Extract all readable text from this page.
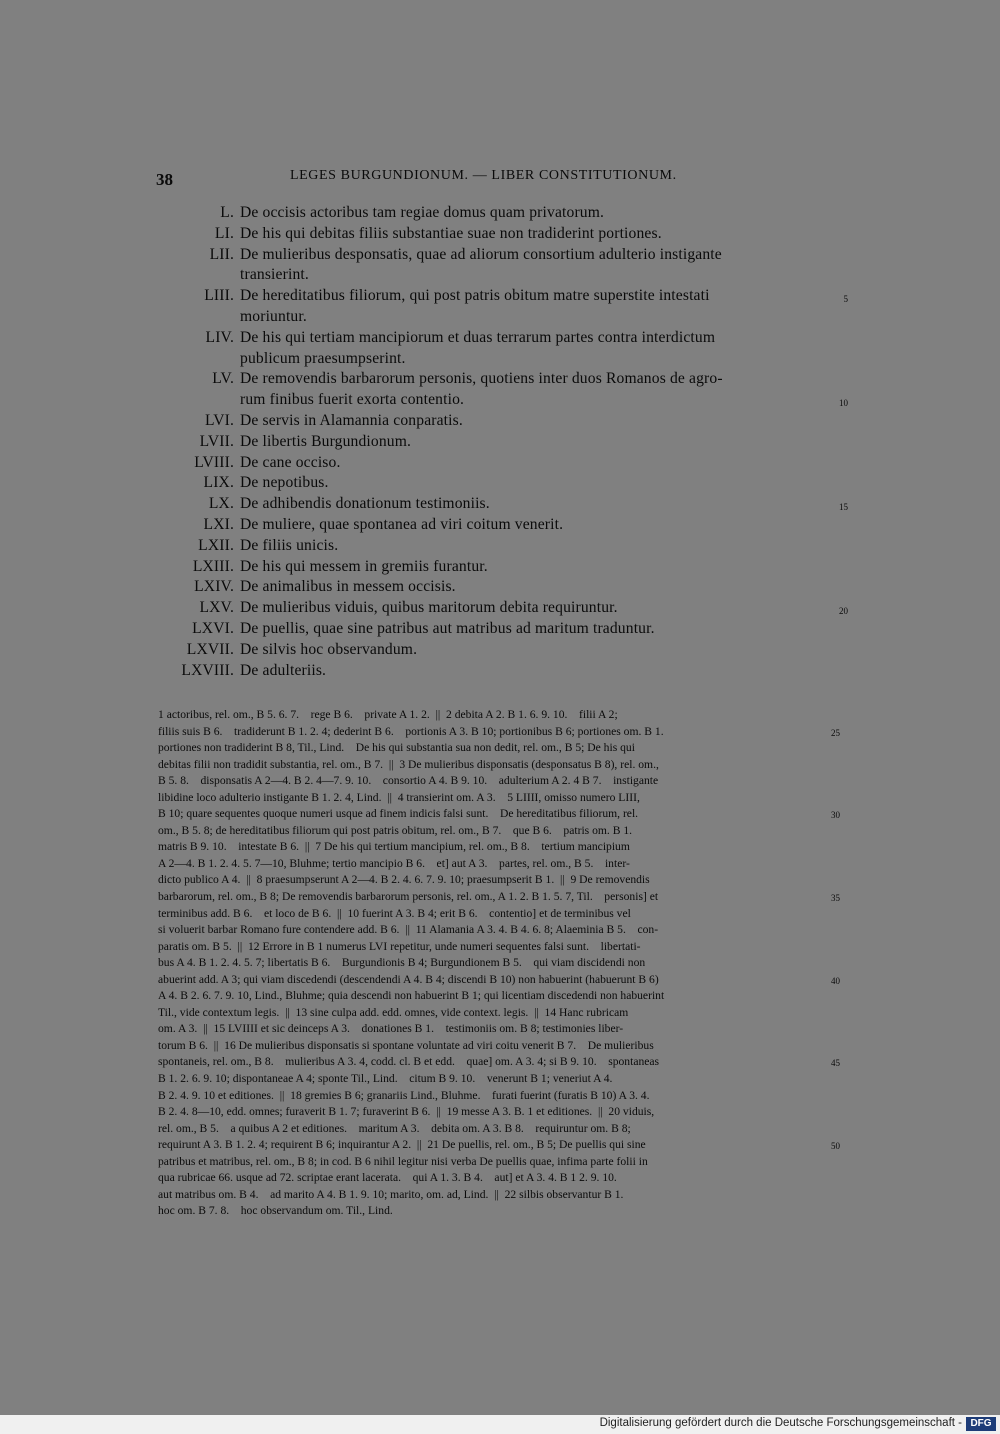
38	LEGES BURGUNDIONUM. — LIBER CONSTITUTIONUM.
L. De occisis actoribus tam regiae domus quam privatorum.
LI. De his qui debitas filiis substantiae suae non tradiderint portiones.
LII. De mulieribus desponsatis, quae ad aliorum consortium adulterio instigante
transierint.
LIII. De hereditatibus filiorum, qui post patris obitum matre superstite intestati	5
moriuntur.
LIV. De his qui tertiam mancipiorum et duas terrarum partes contra interdictum
publicum praesumpserint.
LV. De removendis barbarorum personis, quotiens inter duos Romanos de agro-
rum finibus fuerit exorta contentio.	10
LVI. De servis in Alamannia conparatis.
LVII. De libertis Burgundionum.
LVIII. De cane occiso.
LIX. De nepotibus.
LX. De adhibendis donationum testimoniis.	15
LXI. De muliere, quae spontanea ad viri coitum venerit.
LXII. De filiis unicis.
LXIII. De his qui messem in gremiis furantur.
LXIV. De animalibus in messem occisis.
LXV. De mulieribus viduis, quibus maritorum debita requiruntur.	20
LXVI. De puellis, quae sine patribus aut matribus ad maritum traduntur.
LXVII. De silvis hoc observandum.
LXVIII. De adulteriis.
1 actoribus, rel. om., B 5. 6. 7.    rege B 6.    private A 1. 2.  ||  2 debita A 2. B 1. 6. 9. 10.    filii A 2;
filiis suis B 6.    tradiderunt B 1. 2. 4; dederint B 6.    portionis A 3. B 10; portionibus B 6; portiones om. B 1.	25
portiones non tradiderint B 8, Til., Lind.    De his qui substantia sua non dedit, rel. om., B 5; De his qui
debitas filii non tradidit substantia, rel. om., B 7.  ||  3 De mulieribus disponsatis (desponsatus B 8), rel. om.,
B 5. 8.    disponsatis A 2—4. B 2. 4—7. 9. 10.    consortio A 4. B 9. 10.    adulterium A 2. 4 B 7.    instigante
libidine loco adulterio instigante B 1. 2. 4, Lind.  ||  4 transierint om. A 3.    5 LIIII, omisso numero LIII,
B 10; quare sequentes quoque numeri usque ad finem indicis falsi sunt.    De hereditatibus filiorum, rel.	30
om., B 5. 8; de hereditatibus filiorum qui post patris obitum, rel. om., B 7.    que B 6.    patris om. B 1.
matris B 9. 10.    intestate B 6.  ||  7 De his qui tertium mancipium, rel. om., B 8.    tertium mancipium
A 2—4. B 1. 2. 4. 5. 7—10, Bluhme; tertio mancipio B 6.    et] aut A 3.    partes, rel. om., B 5.    inter-
dicto publico A 4.  ||  8 praesumpserunt A 2—4. B 2. 4. 6. 7. 9. 10; praesumpserit B 1.  ||  9 De removendis
barbarorum, rel. om., B 8; De removendis barbarorum personis, rel. om., A 1. 2. B 1. 5. 7, Til.    personis] et	35
terminibus add. B 6.    et loco de B 6.  ||  10 fuerint A 3. B 4; erit B 6.    contentio] et de terminibus vel
si voluerit barbar Romano fure contendere add. B 6.  ||  11 Alamania A 3. 4. B 4. 6. 8; Alaeminia B 5.    con-
paratis om. B 5.  ||  12 Errore in B 1 numerus LVI repetitur, unde numeri sequentes falsi sunt.    libertati-
bus A 4. B 1. 2. 4. 5. 7; libertatis B 6.    Burgundionis B 4; Burgundionem B 5.    qui viam discidendi non
abuerint add. A 3; qui viam discedendi (descendendi A 4. B 4; discendi B 10) non habuerint (habuerunt B 6)	40
A 4. B 2. 6. 7. 9. 10, Lind., Bluhme; quia descendi non habuerint B 1; qui licentiam discedendi non habuerint
Til., vide contextum legis.  ||  13 sine culpa add. edd. omnes, vide context. legis.  ||  14 Hanc rubricam
om. A 3.  ||  15 LVIIII et sic deinceps A 3.    donationes B 1.    testimoniis om. B 8; testimonies liber-
torum B 6.  ||  16 De mulieribus disponsatis si spontane voluntate ad viri coitu venerit B 7.    De mulieribus
spontaneis, rel. om., B 8.    mulieribus A 3. 4, codd. cl. B et edd.    quae] om. A 3. 4; si B 9. 10.    spontaneas	45
B 1. 2. 6. 9. 10; dispontaneae A 4; sponte Til., Lind.    citum B 9. 10.    venerunt B 1; veneriut A 4.
B 2. 4. 9. 10 et editiones.  ||  18 gremies B 6; granariis Lind., Bluhme.    furati fuerint (furatis B 10) A 3. 4.
B 2. 4. 8—10, edd. omnes; furaverit B 1. 7; furaverint B 6.  ||  19 messe A 3. B. 1 et editiones.  ||  20 viduis,
rel. om., B 5.    a quibus A 2 et editiones.    maritum A 3.    debita om. A 3. B 8.    requiruntur om. B 8;
requirunt A 3. B 1. 2. 4; requirent B 6; inquirantur A 2.  ||  21 De puellis, rel. om., B 5; De puellis qui sine	50
patribus et matribus, rel. om., B 8; in cod. B 6 nihil legitur nisi verba De puellis quae, infima parte folii in
qua rubricae 66. usque ad 72. scriptae erant lacerata.    qui A 1. 3. B 4.    aut] et A 3. 4. B 1 2. 9. 10.
aut matribus om. B 4.    ad marito A 4. B 1. 9. 10; marito, om. ad, Lind.  ||  22 silbis observantur B 1.
hoc om. B 7. 8.    hoc observandum om. Til., Lind.
Digitalisierung gefördert durch die Deutsche Forschungsgemeinschaft - DFG
